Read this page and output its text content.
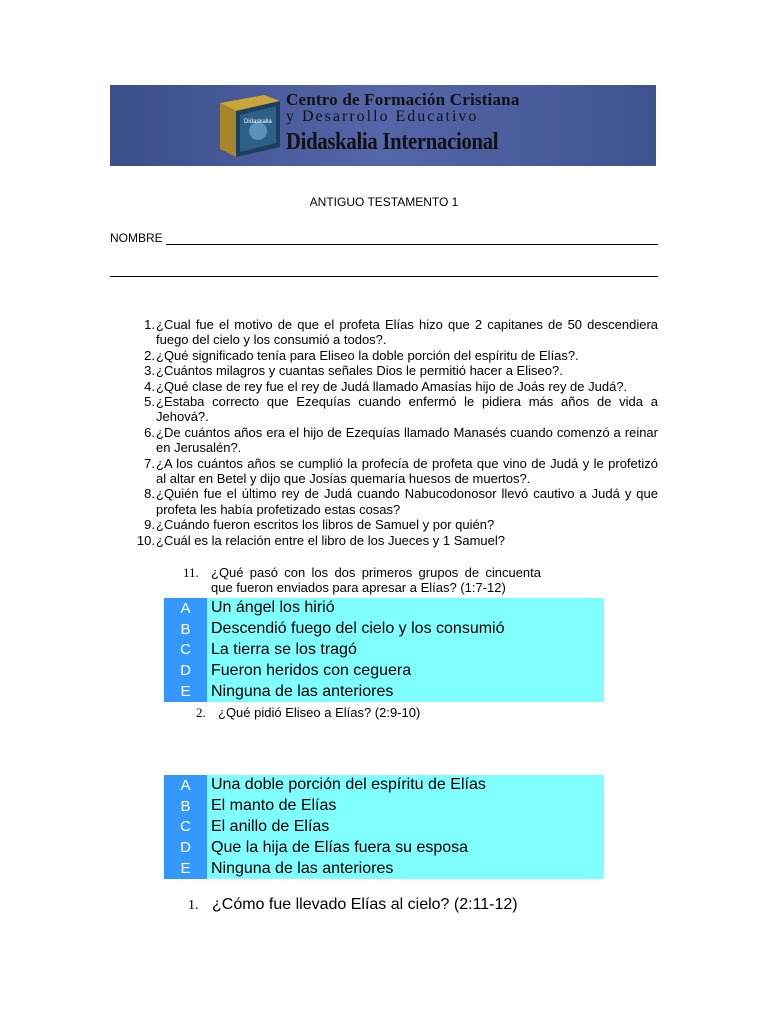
Didaskalia
Centro de Formación Cristiana
y Desarrollo Educativo
Didaskalia Internacional
ANTIGUO TESTAMENTO 1
NOMBRE
1. ¿Cual fue el motivo de que el profeta Elías hizo que 2 capitanes de 50 descendiera fuego del cielo y los consumió a todos?.
2. ¿Qué significado tenía para Eliseo la doble porción del espíritu de Elías?.
3. ¿Cuántos milagros y cuantas señales Dios le permitió hacer a Eliseo?.
4. ¿Qué clase de rey fue el rey de Judá llamado Amasías hijo de Joás rey de Judá?.
5. ¿Estaba correcto que Ezequías cuando enfermó le pidiera más años de vida a Jehová?.
6. ¿De cuántos años era el hijo de Ezequías llamado Manasés cuando comenzó a reinar en Jerusalén?.
7. ¿A los cuántos años se cumplió la profecía de profeta que vino de Judá y le profetizó al altar en Betel y dijo que Josías quemaría huesos de muertos?.
8. ¿Quién fue el último rey de Judá cuando Nabucodonosor llevó cautivo a Judá y que profeta les había profetizado estas cosas?
9. ¿Cuándo fueron escritos los libros de Samuel y por quién?
10. ¿Cuál es la relación entre el libro de los Jueces y 1 Samuel?
11. ¿Qué pasó con los dos primeros grupos de cincuenta que fueron enviados para apresar a Elías? (1:7-12)
A	Un ángel los hirió
B	Descendió fuego del cielo y los consumió
C	La tierra se los tragó
D	Fueron heridos con ceguera
E	Ninguna de las anteriores
2. ¿Qué pidió Eliseo a Elías? (2:9-10)
A	Una doble porción del espíritu de Elías
B	El manto de Elías
C	El anillo de Elías
D	Que la hija de Elías fuera su esposa
E	Ninguna de las anteriores
1. ¿Cómo fue llevado Elías al cielo? (2:11-12)
